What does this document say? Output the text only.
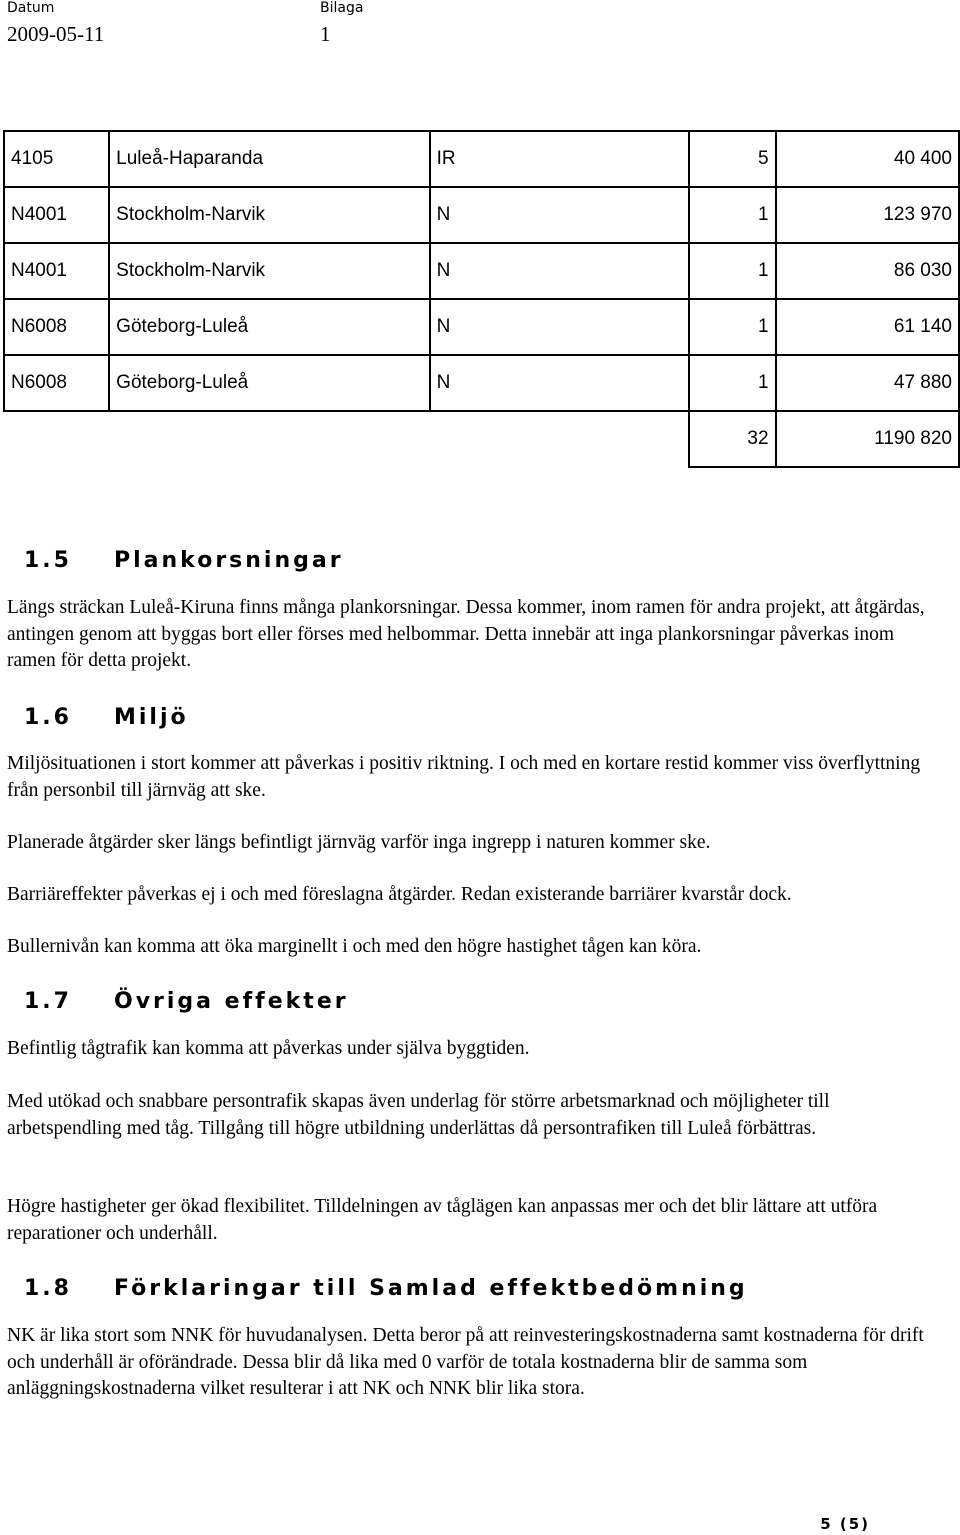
Datum
2009-05-11
Bilaga
1
4105	Luleå-Haparanda	IR	5	40 400
N4001	Stockholm-Narvik	N	1	123 970
N4001	Stockholm-Narvik	N	1	86 030
N6008	Göteborg-Luleå	N	1	61 140
N6008	Göteborg-Luleå	N	1	47 880
			32	1190 820
1.5 Plankorsningar

Längs sträckan Luleå-Kiruna finns många plankorsningar. Dessa kommer, inom ramen för andra projekt, att åtgärdas, antingen genom att byggas bort eller förses med helbommar. Detta innebär att inga plankorsningar påverkas inom ramen för detta projekt.

1.6 Miljö

Miljösituationen i stort kommer att påverkas i positiv riktning. I och med en kortare restid kommer viss överflyttning från personbil till järnväg att ske.

Planerade åtgärder sker längs befintligt järnväg varför inga ingrepp i naturen kommer ske.

Barriäreffekter påverkas ej i och med föreslagna åtgärder. Redan existerande barriärer kvarstår dock.

Bullernivån kan komma att öka marginellt i och med den högre hastighet tågen kan köra.

1.7 Övriga effekter

Befintlig tågtrafik kan komma att påverkas under själva byggtiden.

Med utökad och snabbare persontrafik skapas även underlag för större arbetsmarknad och möjligheter till arbetspendling med tåg. Tillgång till högre utbildning underlättas då persontrafiken till Luleå förbättras.

Högre hastigheter ger ökad flexibilitet. Tilldelningen av tåglägen kan anpassas mer och det blir lättare att utföra reparationer och underhåll.

1.8 Förklaringar till Samlad effektbedömning

NK är lika stort som NNK för huvudanalysen. Detta beror på att reinvesteringskostnaderna samt kostnaderna för drift och underhåll är oförändrade. Dessa blir då lika med 0 varför de totala kostnaderna blir de samma som anläggningskostnaderna vilket resulterar i att NK och NNK blir lika stora.

5 (5)
